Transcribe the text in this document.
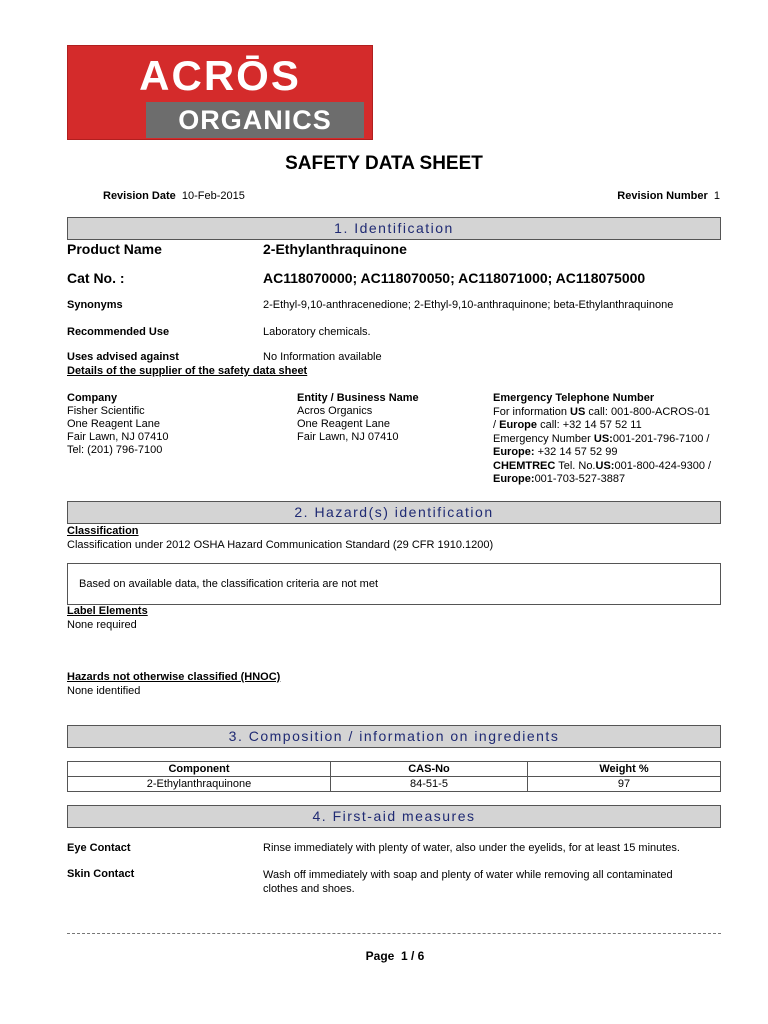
ACRŌS
ORGANICS
SAFETY DATA SHEET
Revision Date 10-Feb-2015	Revision Number 1
1. Identification
Product Name	2-Ethylanthraquinone
Cat No. :	AC118070000; AC118070050; AC118071000; AC118075000
Synonyms	2-Ethyl-9,10-anthracenedione; 2-Ethyl-9,10-anthraquinone; beta-Ethylanthraquinone
Recommended Use	Laboratory chemicals.
Uses advised against	No Information available
Details of the supplier of the safety data sheet
Company
Fisher Scientific
One Reagent Lane
Fair Lawn, NJ 07410
Tel: (201) 796-7100
Entity / Business Name
Acros Organics
One Reagent Lane
Fair Lawn, NJ 07410
Emergency Telephone Number
For information US call: 001-800-ACROS-01
/ Europe call: +32 14 57 52 11
Emergency Number US:001-201-796-7100 /
Europe: +32 14 57 52 99
CHEMTREC Tel. No.US:001-800-424-9300 /
Europe:001-703-527-3887
2. Hazard(s) identification
Classification
Classification under 2012 OSHA Hazard Communication Standard (29 CFR 1910.1200)
Based on available data, the classification criteria are not met
Label Elements
None required
Hazards not otherwise classified (HNOC)
None identified
3. Composition / information on ingredients
Component	CAS-No	Weight %
2-Ethylanthraquinone	84-51-5	97
4. First-aid measures
Eye Contact	Rinse immediately with plenty of water, also under the eyelids, for at least 15 minutes.
Skin Contact	Wash off immediately with soap and plenty of water while removing all contaminated
clothes and shoes.
Page 1 / 6
